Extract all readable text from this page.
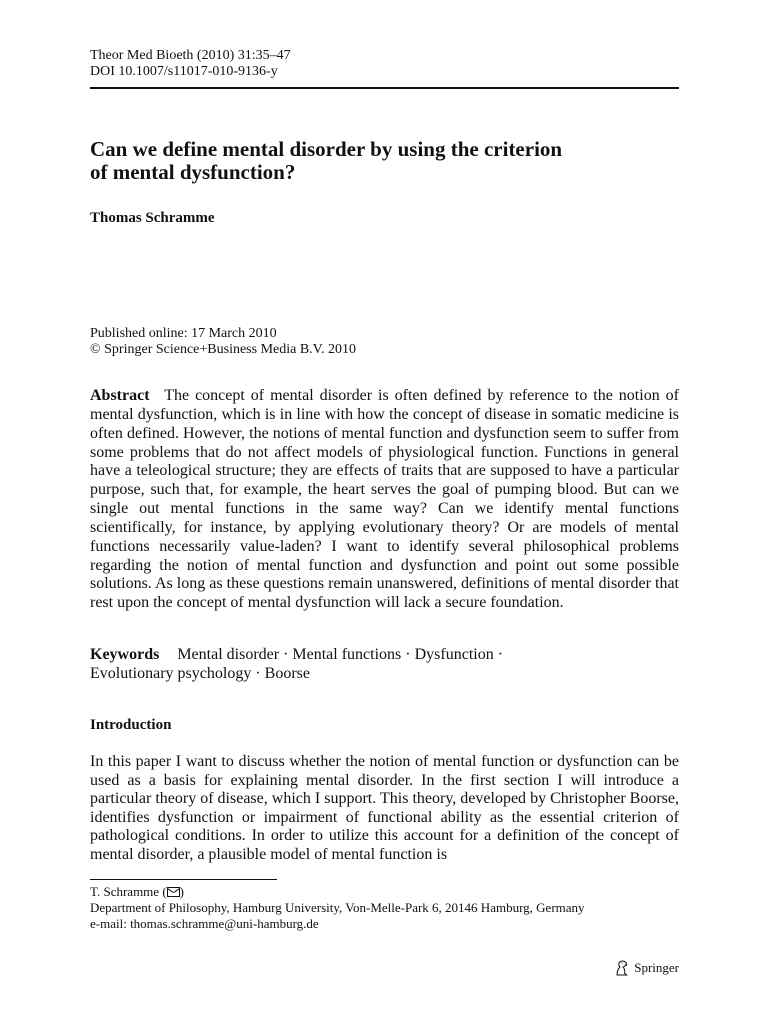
Theor Med Bioeth (2010) 31:35–47
DOI 10.1007/s11017-010-9136-y
Can we define mental disorder by using the criterion
of mental dysfunction?
Thomas Schramme
Published online: 17 March 2010
© Springer Science+Business Media B.V. 2010
Abstract The concept of mental disorder is often defined by reference to the notion of mental dysfunction, which is in line with how the concept of disease in somatic medicine is often defined. However, the notions of mental function and dysfunction seem to suffer from some problems that do not affect models of physiological function. Functions in general have a teleological structure; they are effects of traits that are supposed to have a particular purpose, such that, for example, the heart serves the goal of pumping blood. But can we single out mental functions in the same way? Can we identify mental functions scientifically, for instance, by applying evolutionary theory? Or are models of mental functions necessarily value-laden? I want to identify several philosophical problems regarding the notion of mental function and dysfunction and point out some possible solutions. As long as these questions remain unanswered, definitions of mental disorder that rest upon the concept of mental dysfunction will lack a secure foundation.
Keywords Mental disorder · Mental functions · Dysfunction ·
Evolutionary psychology · Boorse
Introduction
In this paper I want to discuss whether the notion of mental function or dysfunction can be used as a basis for explaining mental disorder. In the first section I will introduce a particular theory of disease, which I support. This theory, developed by Christopher Boorse, identifies dysfunction or impairment of functional ability as the essential criterion of pathological conditions. In order to utilize this account for a definition of the concept of mental disorder, a plausible model of mental function is
T. Schramme ( )
Department of Philosophy, Hamburg University, Von-Melle-Park 6, 20146 Hamburg, Germany
e-mail: thomas.schramme@uni-hamburg.de
Springer
